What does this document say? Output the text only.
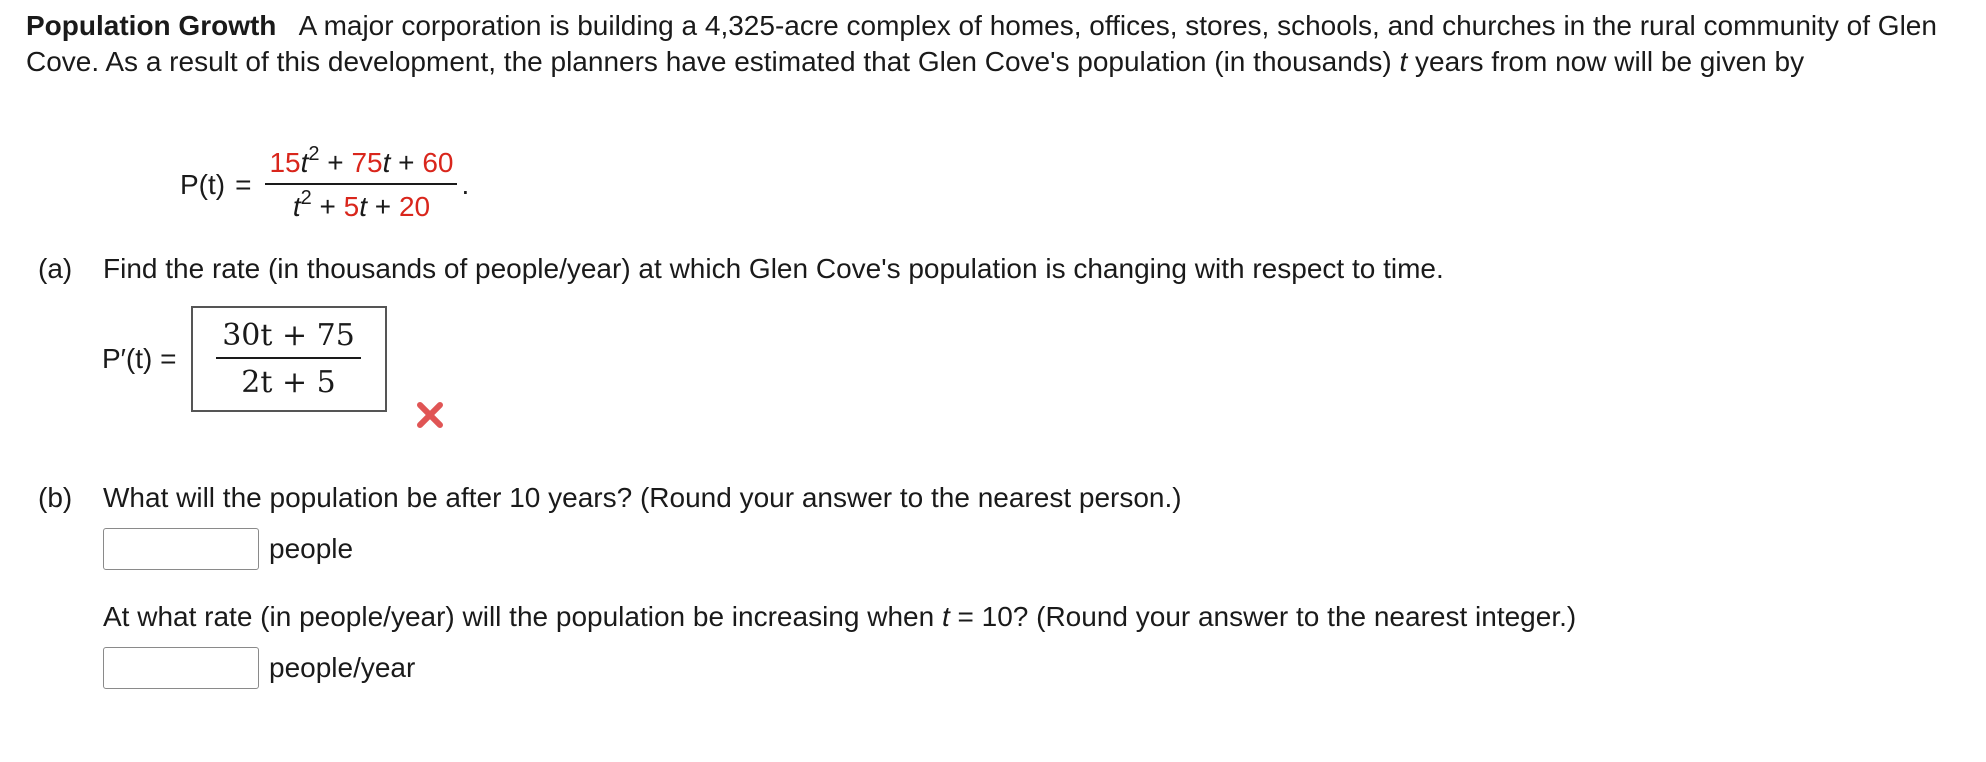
Population Growth A major corporation is building a 4,325-acre complex of homes, offices, stores, schools, and churches in the rural community of Glen Cove. As a result of this development, the planners have estimated that Glen Cove's population (in thousands) t years from now will be given by
$P(t) = \frac{15t^2 + 75t + 60}{t^2 + 5t + 20}$ .
(a) Find the rate (in thousands of people/year) at which Glen Cove's population is changing with respect to time.
$P'(t) = \frac{30t + 75}{2t + 5}$
(b) What will the population be after 10 years? (Round your answer to the nearest person.)
people
At what rate (in people/year) will the population be increasing when t = 10? (Round your answer to the nearest integer.)
people/year
